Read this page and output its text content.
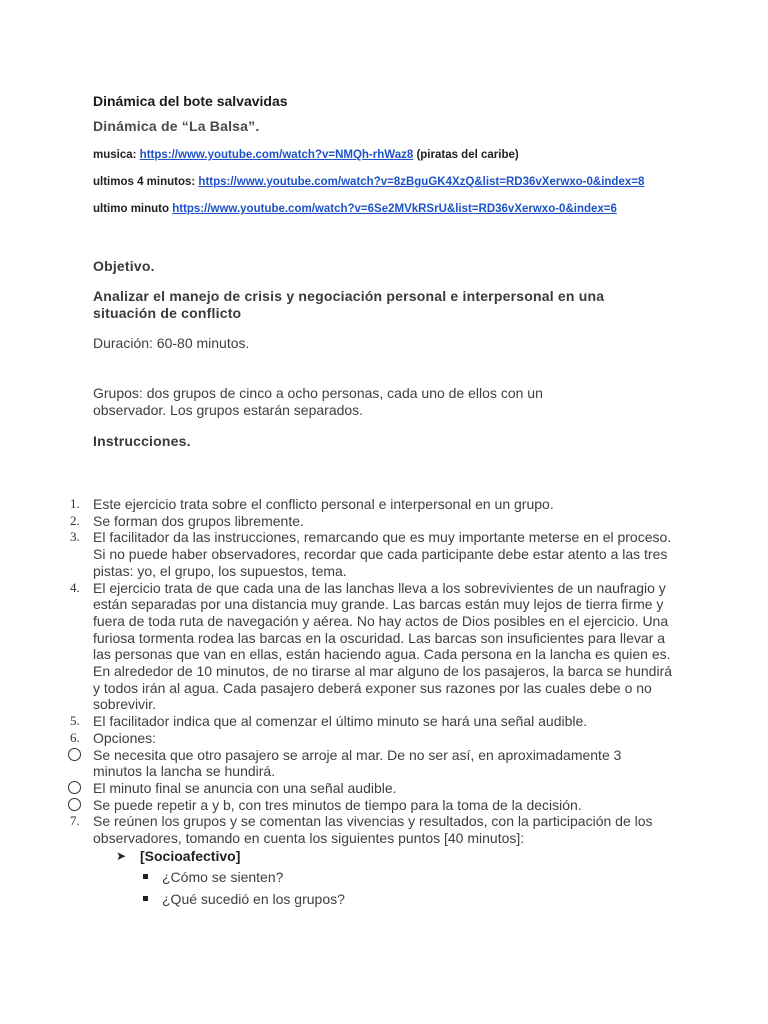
Dinámica del bote salvavidas
Dinámica de “La Balsa”.
musica: https://www.youtube.com/watch?v=NMQh-rhWaz8 (piratas del caribe)
ultimos 4 minutos: https://www.youtube.com/watch?v=8zBguGK4XzQ&list=RD36vXerwxo-0&index=8
ultimo minuto https://www.youtube.com/watch?v=6Se2MVkRSrU&list=RD36vXerwxo-0&index=6
Objetivo.
Analizar el manejo de crisis y negociación personal e interpersonal en una situación de conflicto

Duración: 60-80 minutos.

Grupos: dos grupos de cinco a ocho personas, cada uno de ellos con un observador. Los grupos estarán separados.

Instrucciones.
1. Este ejercicio trata sobre el conflicto personal e interpersonal en un grupo.
2. Se forman dos grupos libremente.
3. El facilitador da las instrucciones, remarcando que es muy importante meterse en el proceso. Si no puede haber observadores, recordar que cada participante debe estar atento a las tres pistas: yo, el grupo, los supuestos, tema.
4. El ejercicio trata de que cada una de las lanchas lleva a los sobrevivientes de un naufragio y están separadas por una distancia muy grande. Las barcas están muy lejos de tierra firme y fuera de toda ruta de navegación y aérea. No hay actos de Dios posibles en el ejercicio. Una furiosa tormenta rodea las barcas en la oscuridad. Las barcas son insuficientes para llevar a las personas que van en ellas, están haciendo agua. Cada persona en la lancha es quien es. En alrededor de 10 minutos, de no tirarse al mar alguno de los pasajeros, la barca se hundirá y todos irán al agua. Cada pasajero deberá exponer sus razones por las cuales debe o no sobrevivir.
5. El facilitador indica que al comenzar el último minuto se hará una señal audible.
6. Opciones:
Se necesita que otro pasajero se arroje al mar. De no ser así, en aproximadamente 3 minutos la lancha se hundirá.
El minuto final se anuncia con una señal audible.
Se puede repetir a y b, con tres minutos de tiempo para la toma de la decisión.
7. Se reúnen los grupos y se comentan las vivencias y resultados, con la participación de los observadores, tomando en cuenta los siguientes puntos [40 minutos]:
➤ [Socioafectivo]
¿Cómo se sienten?
¿Qué sucedió en los grupos?
